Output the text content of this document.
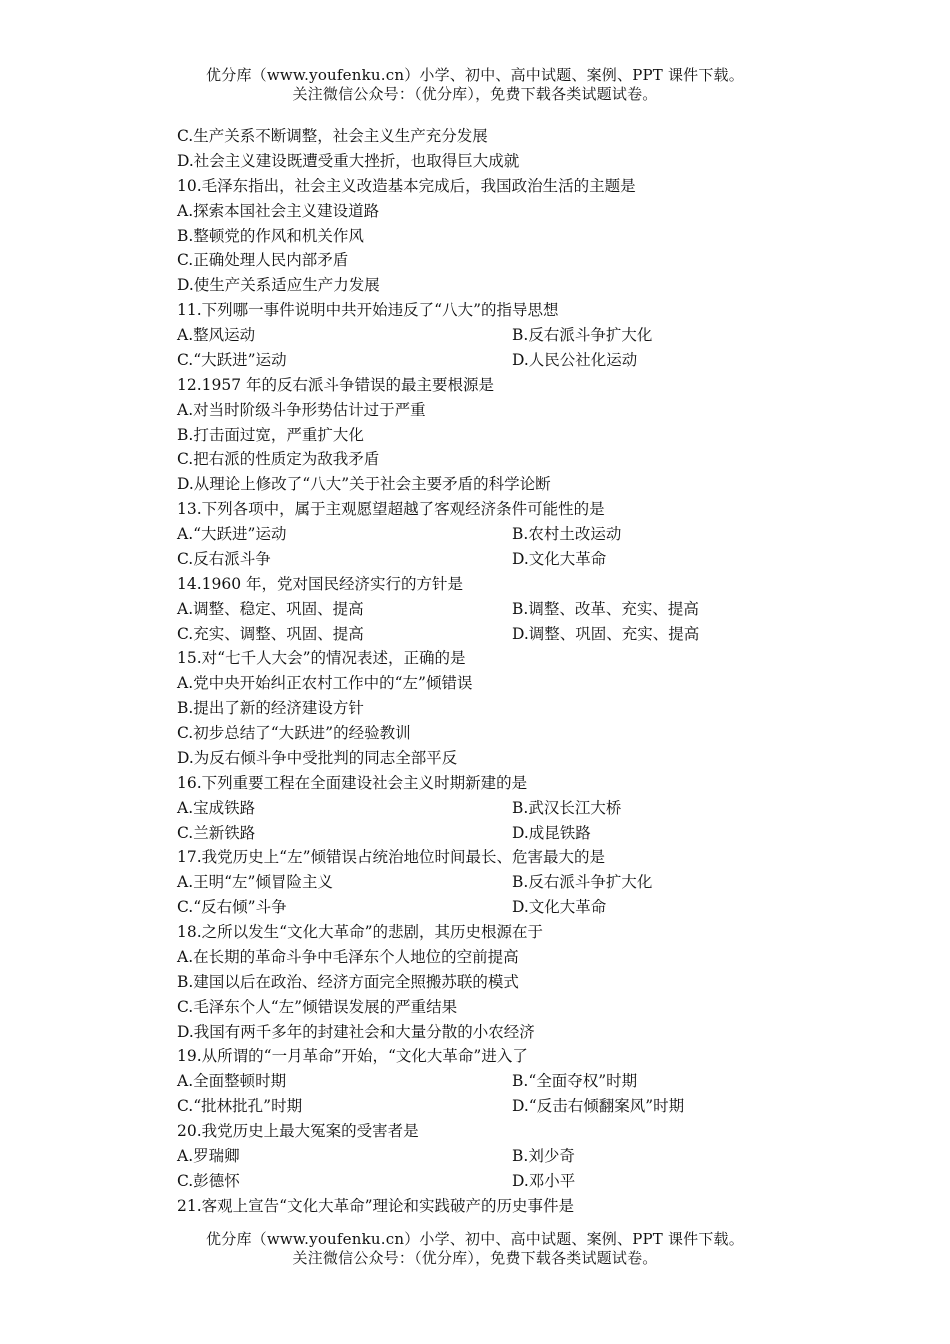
优分库（www.youfenku.cn）小学、初中、高中试题、案例、PPT 课件下载。
关注微信公众号：（优分库），免费下载各类试题试卷。
C.生产关系不断调整，社会主义生产充分发展
D.社会主义建设既遭受重大挫折，也取得巨大成就
10.毛泽东指出，社会主义改造基本完成后，我国政治生活的主题是
A.探索本国社会主义建设道路
B.整顿党的作风和机关作风
C.正确处理人民内部矛盾
D.使生产关系适应生产力发展
11.下列哪一事件说明中共开始违反了“八大”的指导思想
A.整风运动	B.反右派斗争扩大化
C.“大跃进”运动	D.人民公社化运动
12.1957 年的反右派斗争错误的最主要根源是
A.对当时阶级斗争形势估计过于严重
B.打击面过宽，严重扩大化
C.把右派的性质定为敌我矛盾
D.从理论上修改了“八大”关于社会主要矛盾的科学论断
13.下列各项中，属于主观愿望超越了客观经济条件可能性的是
A.“大跃进”运动	B.农村土改运动
C.反右派斗争	D.文化大革命
14.1960 年，党对国民经济实行的方针是
A.调整、稳定、巩固、提高	B.调整、改革、充实、提高
C.充实、调整、巩固、提高	D.调整、巩固、充实、提高
15.对“七千人大会”的情况表述，正确的是
A.党中央开始纠正农村工作中的“左”倾错误
B.提出了新的经济建设方针
C.初步总结了“大跃进”的经验教训
D.为反右倾斗争中受批判的同志全部平反
16.下列重要工程在全面建设社会主义时期新建的是
A.宝成铁路	B.武汉长江大桥
C.兰新铁路	D.成昆铁路
17.我党历史上“左”倾错误占统治地位时间最长、危害最大的是
A.王明“左”倾冒险主义	B.反右派斗争扩大化
C.“反右倾”斗争	D.文化大革命
18.之所以发生“文化大革命”的悲剧，其历史根源在于
A.在长期的革命斗争中毛泽东个人地位的空前提高
B.建国以后在政治、经济方面完全照搬苏联的模式
C.毛泽东个人“左”倾错误发展的严重结果
D.我国有两千多年的封建社会和大量分散的小农经济
19.从所谓的“一月革命”开始，“文化大革命”进入了
A.全面整顿时期	B.“全面夺权”时期
C.“批林批孔”时期	D.“反击右倾翻案风”时期
20.我党历史上最大冤案的受害者是
A.罗瑞卿	B.刘少奇
C.彭德怀	D.邓小平
21.客观上宣告“文化大革命”理论和实践破产的历史事件是
优分库（www.youfenku.cn）小学、初中、高中试题、案例、PPT 课件下载。
关注微信公众号：（优分库），免费下载各类试题试卷。
